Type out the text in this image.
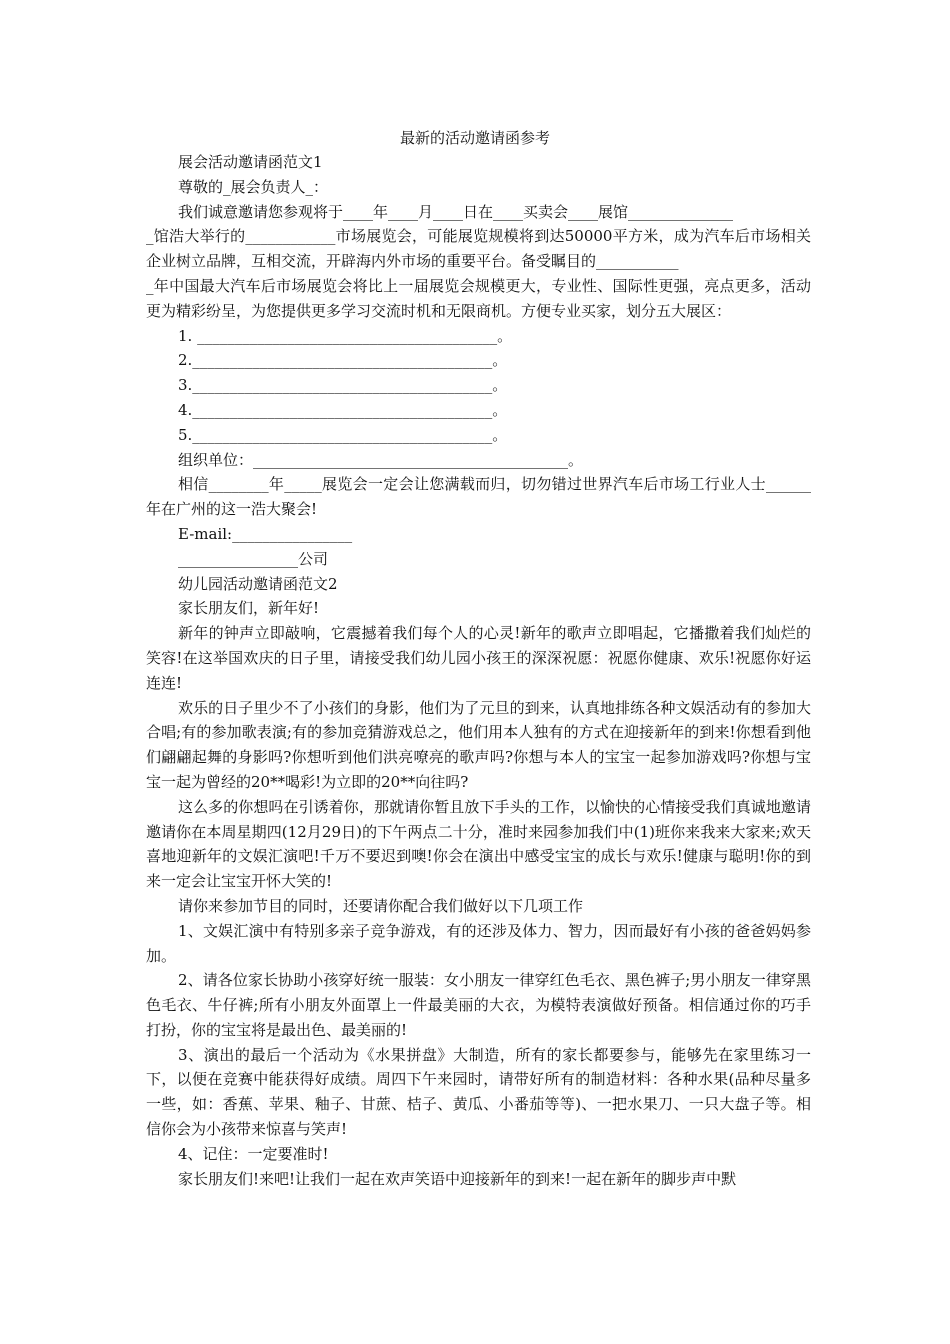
最新的活动邀请函参考

展会活动邀请函范文1

尊敬的_展会负责人_：

我们诚意邀请您参观将于____年____月____日在____买卖会____展馆______________

_馆浩大举行的____________市场展览会，可能展览规模将到达50000平方米，成为汽车后市场相关企业树立品牌，互相交流，开辟海内外市场的重要平台。备受瞩目的___________

_年中国最大汽车后市场展览会将比上一届展览会规模更大，专业性、国际性更强，亮点更多，活动更为精彩纷呈，为您提供更多学习交流时机和无限商机。方便专业买家，划分五大展区：

1. ________________________________________。

2.________________________________________。

3.________________________________________。

4.________________________________________。

5.________________________________________。

组织单位：__________________________________________。

相信________年_____展览会一定会让您满载而归，切勿错过世界汽车后市场工行业人士______年在广州的这一浩大聚会!

E-mail:________________

________________公司

幼儿园活动邀请函范文2

家长朋友们，新年好!

新年的钟声立即敲响，它震撼着我们每个人的心灵!新年的歌声立即唱起，它播撒着我们灿烂的笑容!在这举国欢庆的日子里，请接受我们幼儿园小孩王的深深祝愿：祝愿你健康、欢乐!祝愿你好运连连!

欢乐的日子里少不了小孩们的身影，他们为了元旦的到来，认真地排练各种文娱活动有的参加大合唱;有的参加歌表演;有的参加竞猜游戏总之，他们用本人独有的方式在迎接新年的到来!你想看到他们翩翩起舞的身影吗?你想听到他们洪亮嘹亮的歌声吗?你想与本人的宝宝一起参加游戏吗?你想与宝宝一起为曾经的20**喝彩!为立即的20**向往吗?

这么多的你想吗在引诱着你，那就请你暂且放下手头的工作，以愉快的心情接受我们真诚地邀请邀请你在本周星期四(12月29日)的下午两点二十分，准时来园参加我们中(1)班你来我来大家来;欢天喜地迎新年的文娱汇演吧!千万不要迟到噢!你会在演出中感受宝宝的成长与欢乐!健康与聪明!你的到来一定会让宝宝开怀大笑的!

请你来参加节目的同时，还要请你配合我们做好以下几项工作

1、文娱汇演中有特别多亲子竞争游戏，有的还涉及体力、智力，因而最好有小孩的爸爸妈妈参加。

2、请各位家长协助小孩穿好统一服装：女小朋友一律穿红色毛衣、黑色裤子;男小朋友一律穿黑色毛衣、牛仔裤;所有小朋友外面罩上一件最美丽的大衣，为模特表演做好预备。相信通过你的巧手打扮，你的宝宝将是最出色、最美丽的!

3、演出的最后一个活动为《水果拼盘》大制造，所有的家长都要参与，能够先在家里练习一下，以便在竞赛中能获得好成绩。周四下午来园时，请带好所有的制造材料：各种水果(品种尽量多一些，如：香蕉、苹果、釉子、甘蔗、桔子、黄瓜、小番茄等等)、一把水果刀、一只大盘子等。相信你会为小孩带来惊喜与笑声!

4、记住：一定要准时!

家长朋友们!来吧!让我们一起在欢声笑语中迎接新年的到来!一起在新年的脚步声中默
